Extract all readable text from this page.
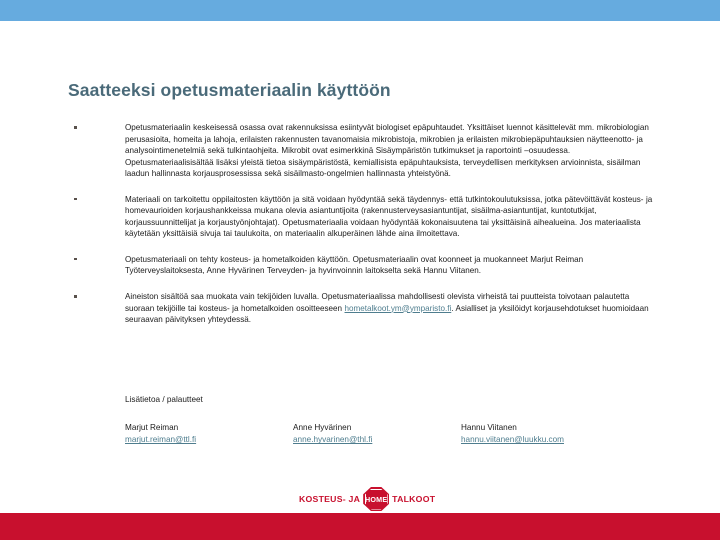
Saatteeksi opetusmateriaalin käyttöön
Opetusmateriaalin keskeisessä osassa ovat rakennuksissa esiintyvät biologiset epäpuhtaudet. Yksittäiset luennot käsittelevät mm. mikrobiologian perusasioita, homeita ja lahoja, erilaisten rakennusten tavanomaisia mikrobistoja, mikrobien ja erilaisten mikrobiepäpuhtauksien näytteenotto- ja analysointimenetelmiä sekä tulkintaohjeita. Mikrobit ovat esimerkkinä Sisäympäristön tutkimukset ja raportointi –osuudessa. Opetusmateriaalisisältää lisäksi yleistä tietoa sisäympäristöstä, kemiallisista epäpuhtauksista, terveydellisen merkityksen arvioinnista, sisäilman laadun hallinnasta korjausprosessissa sekä sisäilmasto-ongelmien hallinnasta yhteistyönä.
Materiaali on tarkoitettu oppilaitosten käyttöön ja sitä voidaan hyödyntää sekä täydennys- että tutkintokoulutuksissa, jotka pätevöittävät kosteus- ja homevaurioiden korjaushankkeissa mukana olevia asiantuntijoita (rakennusterveysasiantuntijat, sisäilma-asiantuntijat, kuntotutkijat, korjaussuunnittelijat ja korjaustyönjohtajat). Opetusmateriaalia voidaan hyödyntää kokonaisuutena tai yksittäisinä aihealueina. Jos materiaalista käytetään yksittäisiä sivuja tai taulukoita, on materiaalin alkuperäinen lähde aina ilmoitettava.
Opetusmateriaali on tehty kosteus- ja hometalkoiden käyttöön. Opetusmateriaalin ovat koonneet ja muokanneet Marjut Reiman Työterveyslaitoksesta, Anne Hyvärinen Terveyden- ja hyvinvoinnin laitokselta sekä Hannu Viitanen.
Aineiston sisältöä saa muokata vain tekijöiden luvalla. Opetusmateriaalissa mahdollisesti olevista virheistä tai puutteista toivotaan palautetta suoraan tekijöille tai kosteus- ja hometalkoiden osoitteeseen hometalkoot.ym@ymparisto.fi. Asialliset ja yksilöidyt korjausehdotukset huomioidaan seuraavan päivityksen yhteydessä.
Lisätietoa / palautteet
Marjut Reiman
marjut.reiman@ttl.fi
Anne Hyvärinen
anne.hyvarinen@thl.fi
Hannu Viitanen
hannu.viitanen@luukku.com
KOSTEUS- JA HOME TALKOOT
